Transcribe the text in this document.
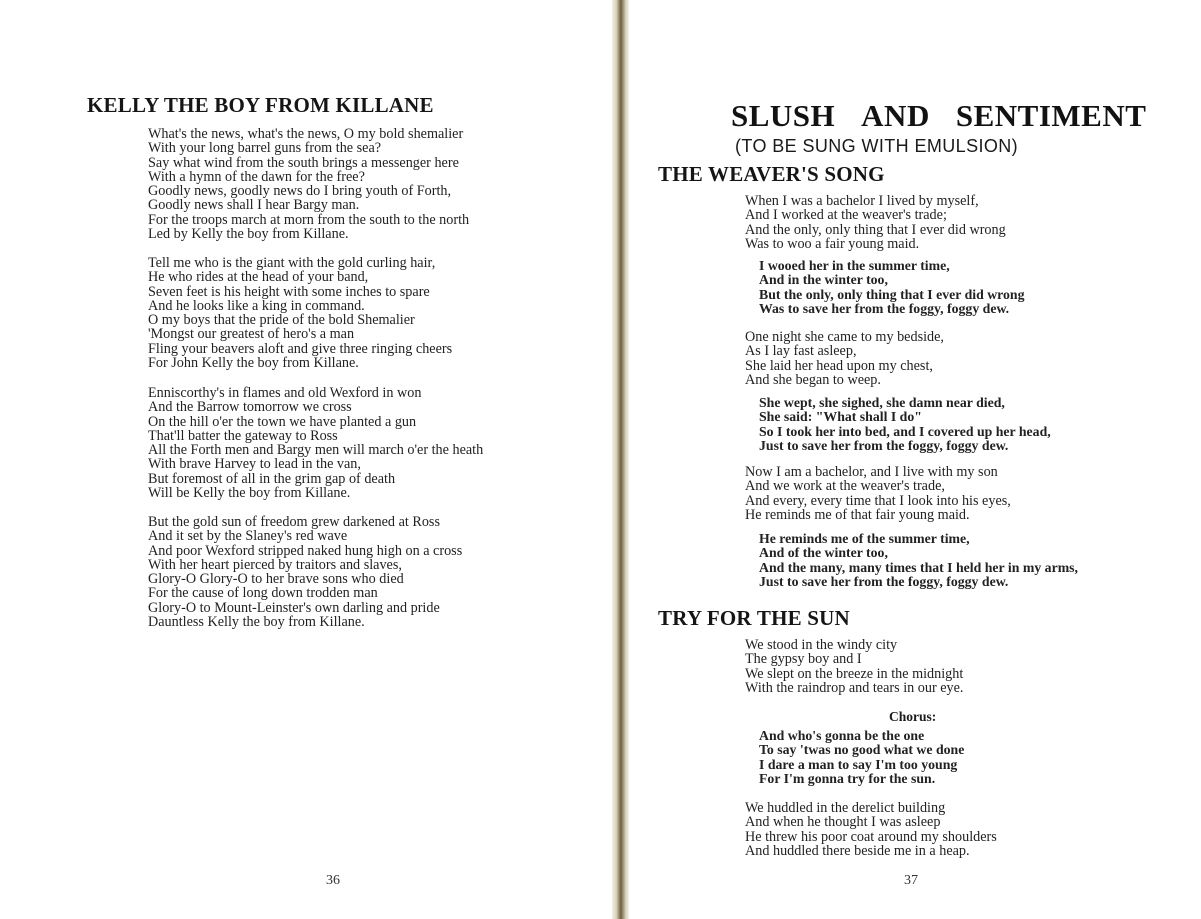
KELLY THE BOY FROM KILLANE
What's the news, what's the news, O my bold shemalier
With your long barrel guns from the sea?
Say what wind from the south brings a messenger here
With a hymn of the dawn for the free?
Goodly news, goodly news do I bring youth of Forth,
Goodly news shall I hear Bargy man.
For the troops march at morn from the south to the north
Led by Kelly the boy from Killane.
Tell me who is the giant with the gold curling hair,
He who rides at the head of your band,
Seven feet is his height with some inches to spare
And he looks like a king in command.
O my boys that the pride of the bold Shemalier
'Mongst our greatest of hero's a man
Fling your beavers aloft and give three ringing cheers
For John Kelly the boy from Killane.
Enniscorthy's in flames and old Wexford in won
And the Barrow tomorrow we cross
On the hill o'er the town we have planted a gun
That'll batter the gateway to Ross
All the Forth men and Bargy men will march o'er the heath
With brave Harvey to lead in the van,
But foremost of all in the grim gap of death
Will be Kelly the boy from Killane.
But the gold sun of freedom grew darkened at Ross
And it set by the Slaney's red wave
And poor Wexford stripped naked hung high on a cross
With her heart pierced by traitors and slaves,
Glory-O Glory-O to her brave sons who died
For the cause of long down trodden man
Glory-O to Mount-Leinster's own darling and pride
Dauntless Kelly the boy from Killane.
36
SLUSH AND SENTIMENT
(TO BE SUNG WITH EMULSION)
THE WEAVER'S SONG
When I was a bachelor I lived by myself,
And I worked at the weaver's trade;
And the only, only thing that I ever did wrong
Was to woo a fair young maid.
I wooed her in the summer time,
And in the winter too,
But the only, only thing that I ever did wrong
Was to save her from the foggy, foggy dew.
One night she came to my bedside,
As I lay fast asleep,
She laid her head upon my chest,
And she began to weep.
She wept, she sighed, she damn near died,
She said: "What shall I do"
So I took her into bed, and I covered up her head,
Just to save her from the foggy, foggy dew.
Now I am a bachelor, and I live with my son
And we work at the weaver's trade,
And every, every time that I look into his eyes,
He reminds me of that fair young maid.
He reminds me of the summer time,
And of the winter too,
And the many, many times that I held her in my arms,
Just to save her from the foggy, foggy dew.
TRY FOR THE SUN
We stood in the windy city
The gypsy boy and I
We slept on the breeze in the midnight
With the raindrop and tears in our eye.
Chorus:
And who's gonna be the one
To say 'twas no good what we done
I dare a man to say I'm too young
For I'm gonna try for the sun.
We huddled in the derelict building
And when he thought I was asleep
He threw his poor coat around my shoulders
And huddled there beside me in a heap.
37
